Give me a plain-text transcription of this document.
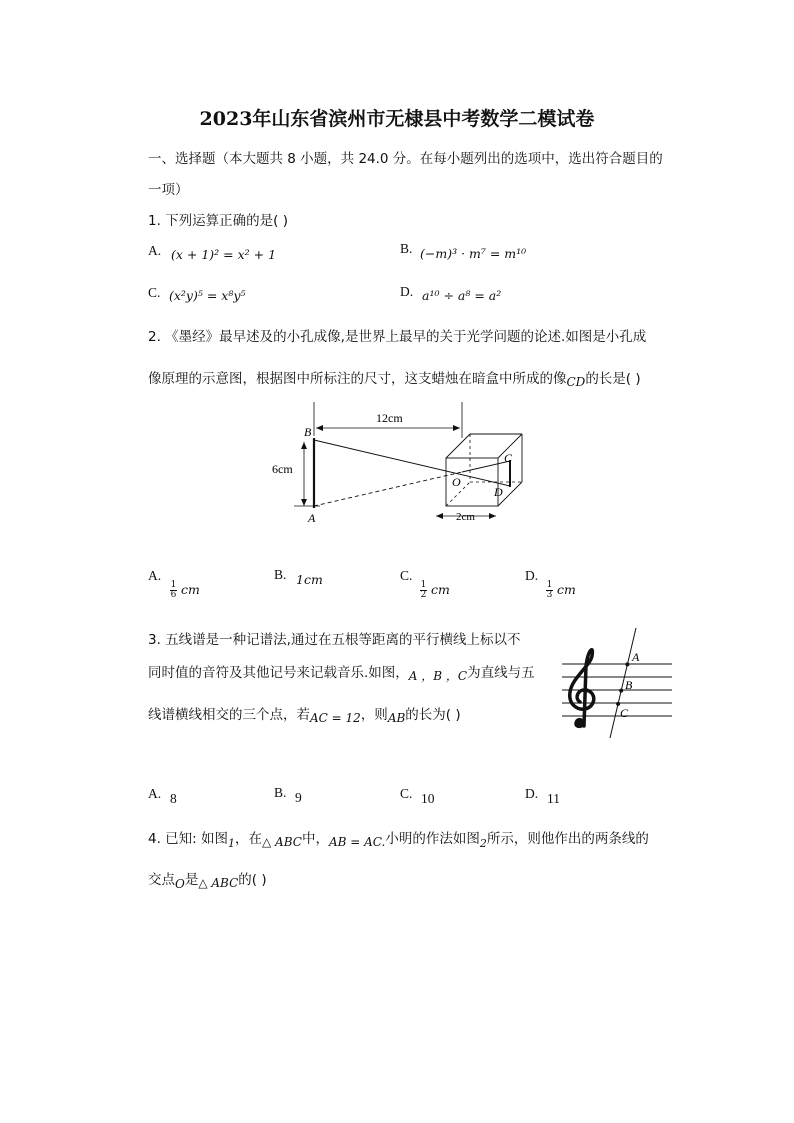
2023年山东省滨州市无棣县中考数学二模试卷
一、选择题（本大题共 8 小题，共 24.0 分。在每小题列出的选项中，选出符合题目的
一项）
1. 下列运算正确的是( )
A. (x + 1)² = x² + 1	B. (−m)³ · m⁷ = m¹⁰
C. (x²y)⁵ = x⁸y⁵	D. a¹⁰ ÷ a⁸ = a²
2. 《墨经》最早述及的小孔成像,是世界上最早的关于光学问题的论述.如图是小孔成
像原理的示意图，根据图中所标注的尺寸，这支蜡烛在暗盒中所成的像CD的长是( )
12cm
6cm
2cm
B
A
O
C
D
A.
$\frac{1}{6}$ cm
B. 1cm	C.
$\frac{1}{2}$ cm
D.
$\frac{1}{3}$ cm
3. 五线谱是一种记谱法,通过在五根等距离的平行横线上标以不
同时值的音符及其他记号来记载音乐.如图，A ，B ，C为直线与五
线谱横线相交的三个点，若AC = 12，则AB的长为( )
A
B
C
A. 8	B. 9	C. 10	D. 11
4. 已知: 如图$_1$，在△ ABC中，AB = AC.小明的作法如图$_2$所示，则他作出的两条线的
交点O是△ ABC的( )
